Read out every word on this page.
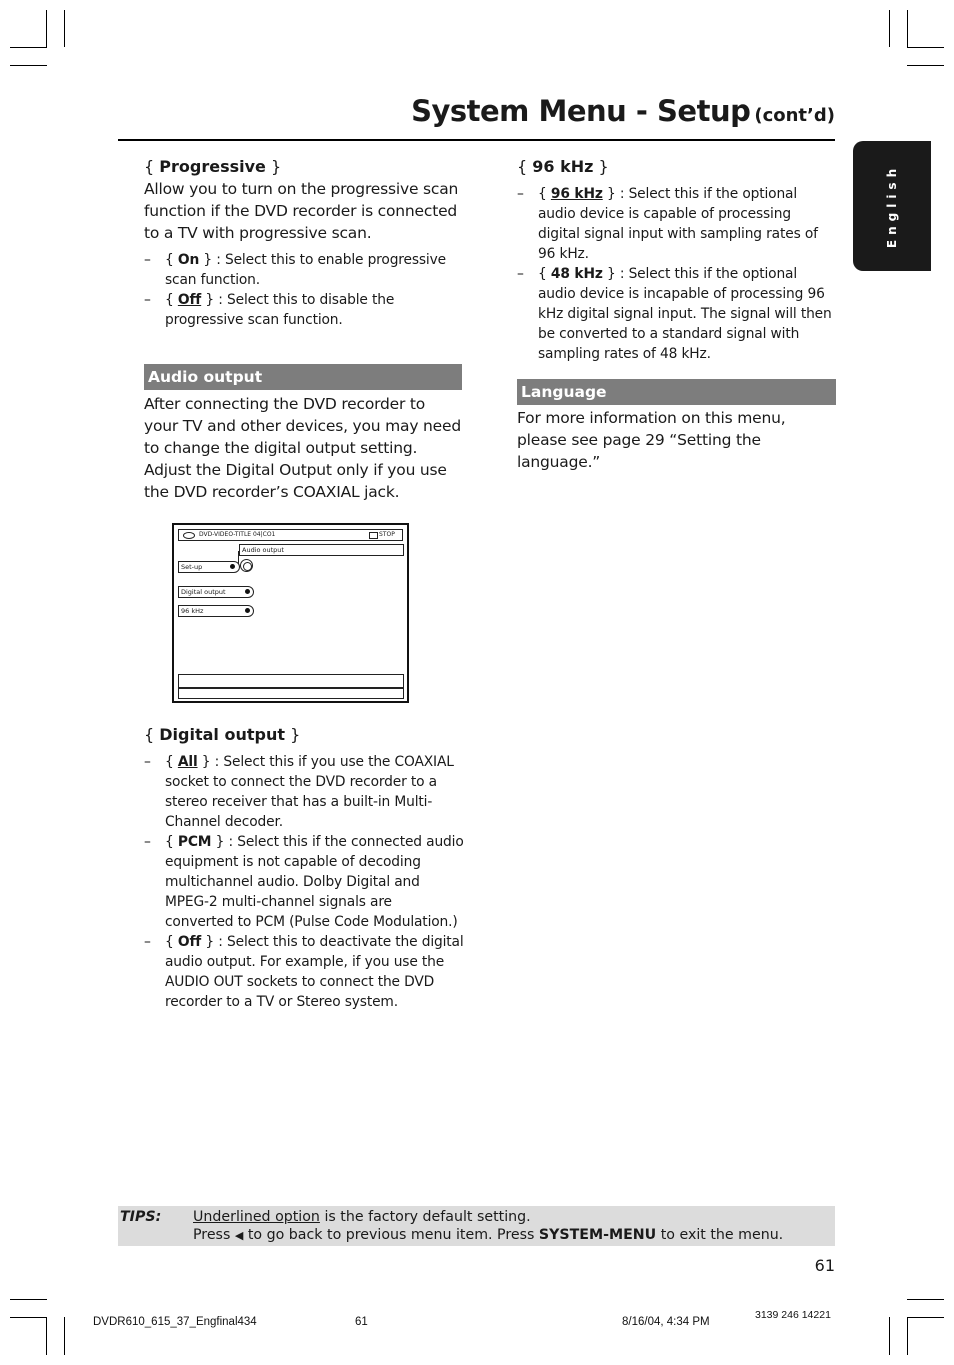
System Menu - Setup (cont’d)
English

{ Progressive }

Allow you to turn on the progressive scan function if the DVD recorder is connected to a TV with progressive scan.

– { On } : Select this to enable progressive scan function.
– { Off } : Select this to disable the progressive scan function.
Audio output

After connecting the DVD recorder to your TV and other devices, you may need to change the digital output setting. Adjust the Digital Output only if you use the DVD recorder’s COAXIAL jack.

DVD-VIDEO-TITLE 04|CO1	STOP
Audio output
Set-up
Digital output
96 kHz

{ Digital output }

– { All } : Select this if you use the COAXIAL socket to connect the DVD recorder to a stereo receiver that has a built-in Multi-Channel decoder.
– { PCM } : Select this if the connected audio equipment is not capable of decoding multichannel audio. Dolby Digital and MPEG-2 multi-channel signals are converted to PCM (Pulse Code Modulation.)
– { Off } : Select this to deactivate the digital audio output. For example, if you use the AUDIO OUT sockets to connect the DVD recorder to a TV or Stereo system.

{ 96 kHz }

– { 96 kHz } : Select this if the optional audio device is capable of processing digital signal input with sampling rates of 96 kHz.
– { 48 kHz } : Select this if the optional audio device is incapable of processing 96 kHz digital signal input. The signal will then be converted to a standard signal with sampling rates of 48 kHz.
Language

For more information on this menu, please see page 29 “Setting the language.”

TIPS: Underlined option is the factory default setting.
Press ◀ to go back to previous menu item. Press SYSTEM-MENU to exit the menu.
61
DVDR610_615_37_Engfinal434	61	8/16/04, 4:34 PM
3139 246 14221
